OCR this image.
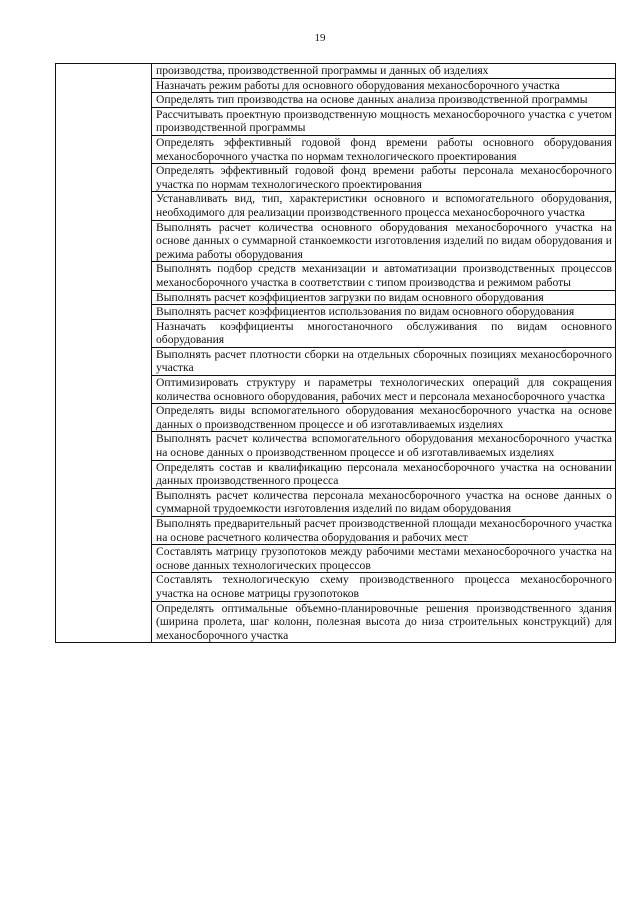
19
	производства, производственной программы и данных об изделиях
Назначать режим работы для основного оборудования механосборочного участка
Определять тип производства на основе данных анализа производственной программы
Рассчитывать проектную производственную мощность механосборочного участка с учетом производственной программы
Определять эффективный годовой фонд времени работы основного оборудования механосборочного участка по нормам технологического проектирования
Определять эффективный годовой фонд времени работы персонала механосборочного участка по нормам технологического проектирования
Устанавливать вид, тип, характеристики основного и вспомогательного оборудования, необходимого для реализации производственного процесса механосборочного участка
Выполнять расчет количества основного оборудования механосборочного участка на основе данных о суммарной станкоемкости изготовления изделий по видам оборудования и режима работы оборудования
Выполнять подбор средств механизации и автоматизации производственных процессов механосборочного участка в соответствии с типом производства и режимом работы
Выполнять расчет коэффициентов загрузки по видам основного оборудования
Выполнять расчет коэффициентов использования по видам основного оборудования
Назначать коэффициенты многостаночного обслуживания по видам основного оборудования
Выполнять расчет плотности сборки на отдельных сборочных позициях механосборочного участка
Оптимизировать структуру и параметры технологических операций для сокращения количества основного оборудования, рабочих мест и персонала механосборочного участка
Определять виды вспомогательного оборудования механосборочного участка на основе данных о производственном процессе и об изготавливаемых изделиях
Выполнять расчет количества вспомогательного оборудования механосборочного участка на основе данных о производственном процессе и об изготавливаемых изделиях
Определять состав и квалификацию персонала механосборочного участка на основании данных производственного процесса
Выполнять расчет количества персонала механосборочного участка на основе данных о суммарной трудоемкости изготовления изделий по видам оборудования
Выполнять предварительный расчет производственной площади механосборочного участка на основе расчетного количества оборудования и рабочих мест
Составлять матрицу грузопотоков между рабочими местами механосборочного участка на основе данных технологических процессов
Составлять технологическую схему производственного процесса механосборочного участка на основе матрицы грузопотоков
Определять оптимальные объемно-планировочные решения производственного здания (ширина пролета, шаг колонн, полезная высота до низа строительных конструкций) для механосборочного участка
